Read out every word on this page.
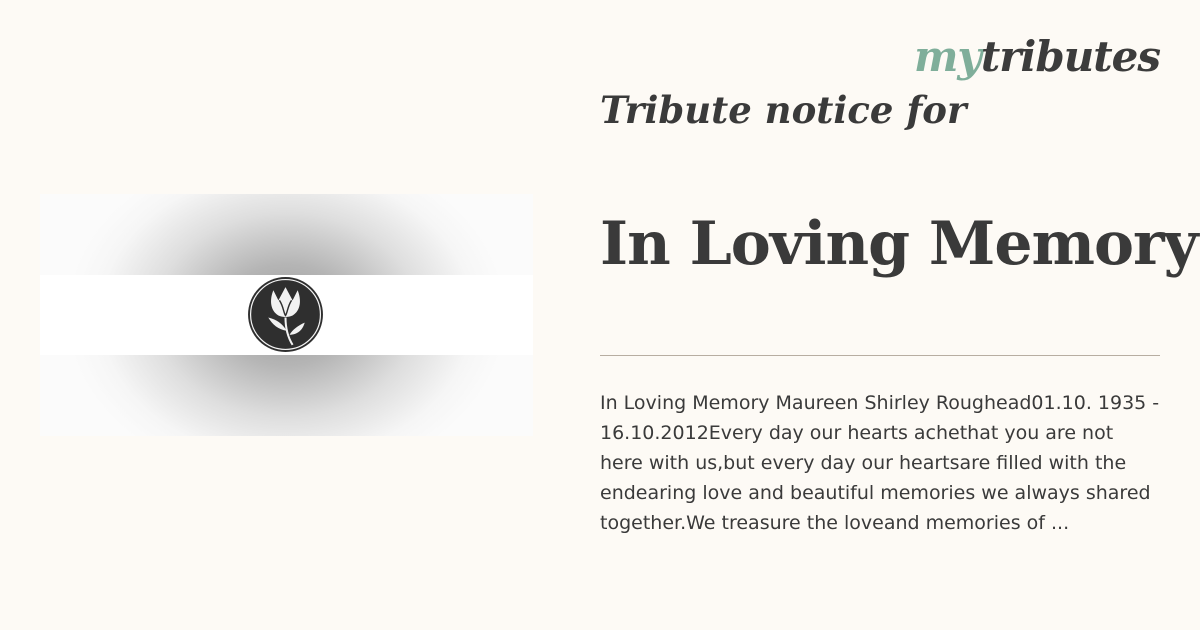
mytributes
Tribute notice for
In Loving Memory

In Loving Memory Maureen Shirley Roughead01.10. 1935 - 16.10.2012Every day our hearts achethat you are not here with us,but every day our heartsare filled with the endearing love and beautiful memories we always shared together.We treasure the loveand memories of ...
